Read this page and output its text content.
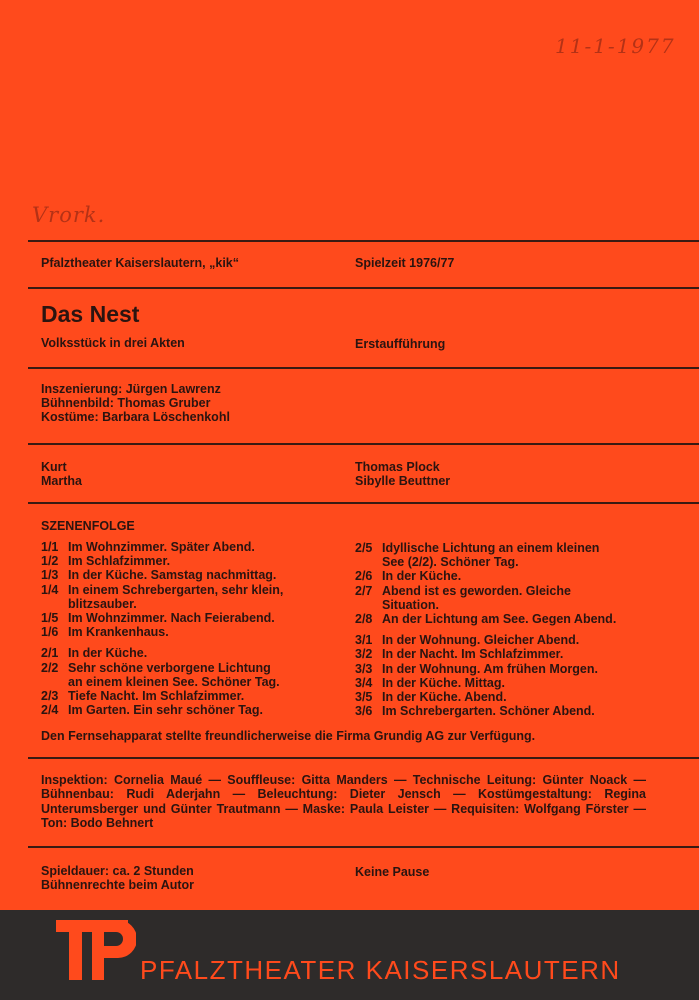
11-1-1977
Vrork.
Pfalztheater Kaiserslautern, „kik“	Spielzeit 1976/77
Das Nest
Volksstück in drei Akten	Erstaufführung
Inszenierung: Jürgen Lawrenz
Bühnenbild: Thomas Gruber
Kostüme: Barbara Löschenkohl
Kurt
Martha
Thomas Plock
Sibylle Beuttner
SZENENFOLGE
1/1 Im Wohnzimmer. Später Abend.
1/2 Im Schlafzimmer.
1/3 In der Küche. Samstag nachmittag.
1/4 In einem Schrebergarten, sehr klein,
blitzsauber.
1/5 Im Wohnzimmer. Nach Feierabend.
1/6 Im Krankenhaus.
2/1 In der Küche.
2/2 Sehr schöne verborgene Lichtung
an einem kleinen See. Schöner Tag.
2/3 Tiefe Nacht. Im Schlafzimmer.
2/4 Im Garten. Ein sehr schöner Tag.
2/5 Idyllische Lichtung an einem kleinen
See (2/2). Schöner Tag.
2/6 In der Küche.
2/7 Abend ist es geworden. Gleiche
Situation.
2/8 An der Lichtung am See. Gegen Abend.
3/1 In der Wohnung. Gleicher Abend.
3/2 In der Nacht. Im Schlafzimmer.
3/3 In der Wohnung. Am frühen Morgen.
3/4 In der Küche. Mittag.
3/5 In der Küche. Abend.
3/6 Im Schrebergarten. Schöner Abend.
Den Fernsehapparat stellte freundlicherweise die Firma Grundig AG zur Verfügung.
Inspektion: Cornelia Maué — Souffleuse: Gitta Manders — Technische Leitung: Günter Noack — Bühnenbau: Rudi Aderjahn — Beleuchtung: Dieter Jensch — Kostümgestaltung: Regina Unterumsberger und Günter Trautmann — Maske: Paula Leister — Requisiten: Wolfgang Förster — Ton: Bodo Behnert
Spieldauer: ca. 2 Stunden
Bühnenrechte beim Autor
Keine Pause
PFALZTHEATER KAISERSLAUTERN
